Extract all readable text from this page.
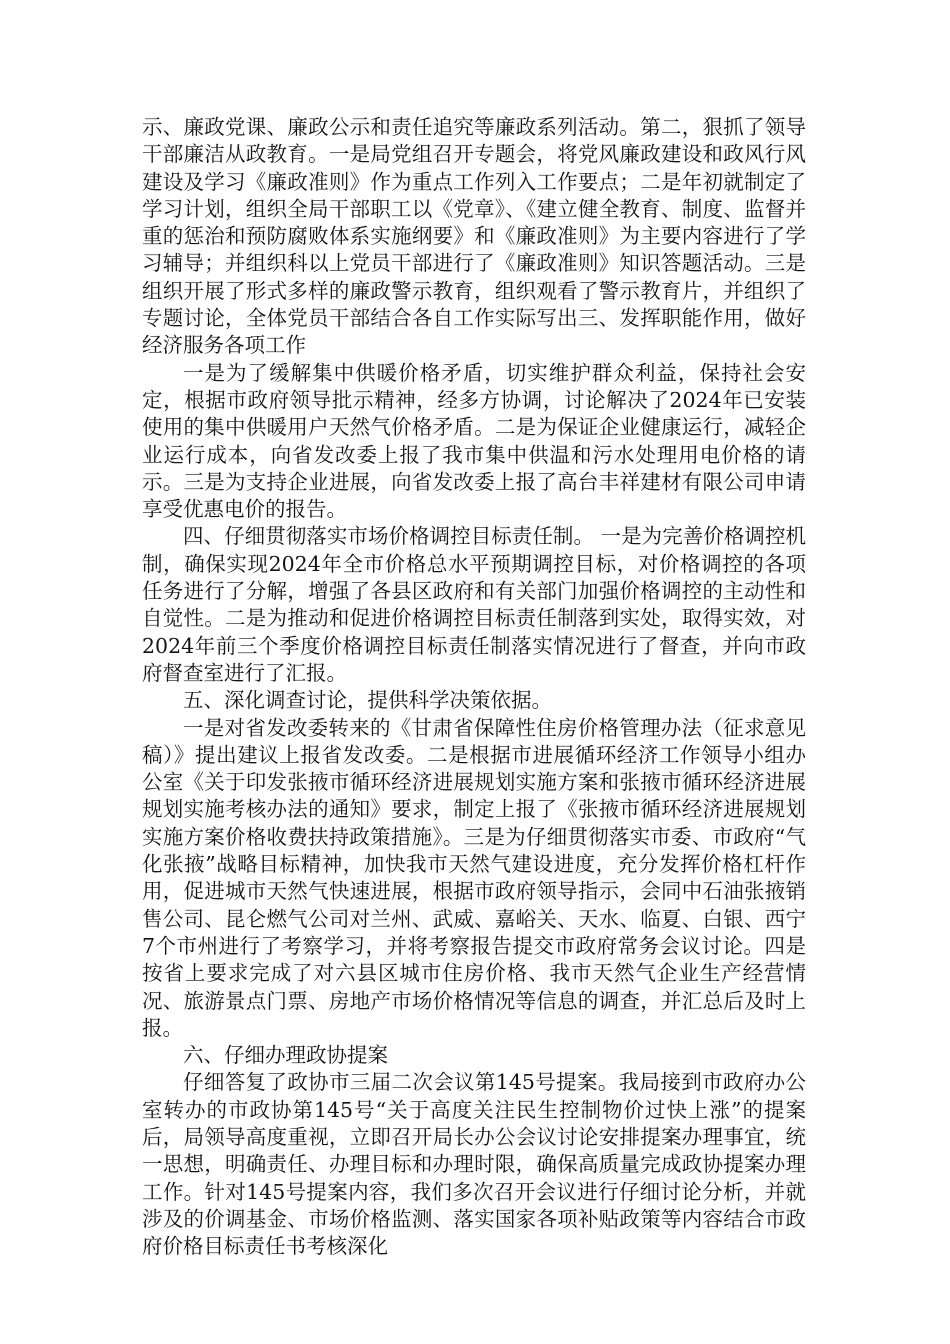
示、廉政党课、廉政公示和责任追究等廉政系列活动。第二，狠抓了领导干部廉洁从政教育。一是局党组召开专题会，将党风廉政建设和政风行风建设及学习《廉政准则》作为重点工作列入工作要点；二是年初就制定了学习计划，组织全局干部职工以《党章》、《建立健全教育、制度、监督并重的惩治和预防腐败体系实施纲要》和《廉政准则》为主要内容进行了学习辅导；并组织科以上党员干部进行了《廉政准则》知识答题活动。三是组织开展了形式多样的廉政警示教育，组织观看了警示教育片，并组织了专题讨论，全体党员干部结合各自工作实际写出三、发挥职能作用，做好经济服务各项工作

一是为了缓解集中供暖价格矛盾，切实维护群众利益，保持社会安定，根据市政府领导批示精神，经多方协调，讨论解决了2024年已安装使用的集中供暖用户天然气价格矛盾。二是为保证企业健康运行，减轻企业运行成本，向省发改委上报了我市集中供温和污水处理用电价格的请示。三是为支持企业进展，向省发改委上报了高台丰祥建材有限公司申请享受优惠电价的报告。

四、仔细贯彻落实市场价格调控目标责任制。 一是为完善价格调控机制，确保实现2024年全市价格总水平预期调控目标，对价格调控的各项任务进行了分解，增强了各县区政府和有关部门加强价格调控的主动性和自觉性。二是为推动和促进价格调控目标责任制落到实处，取得实效，对2024年前三个季度价格调控目标责任制落实情况进行了督查，并向市政府督查室进行了汇报。

五、深化调查讨论，提供科学决策依据。

一是对省发改委转来的《甘肃省保障性住房价格管理办法（征求意见稿）》提出建议上报省发改委。二是根据市进展循环经济工作领导小组办公室《关于印发张掖市循环经济进展规划实施方案和张掖市循环经济进展规划实施考核办法的通知》要求，制定上报了《张掖市循环经济进展规划实施方案价格收费扶持政策措施》。三是为仔细贯彻落实市委、市政府“气化张掖”战略目标精神，加快我市天然气建设进度，充分发挥价格杠杆作用，促进城市天然气快速进展，根据市政府领导指示，会同中石油张掖销售公司、昆仑燃气公司对兰州、武威、嘉峪关、天水、临夏、白银、西宁7个市州进行了考察学习，并将考察报告提交市政府常务会议讨论。四是按省上要求完成了对六县区城市住房价格、我市天然气企业生产经营情况、旅游景点门票、房地产市场价格情况等信息的调查，并汇总后及时上报。

六、仔细办理政协提案

仔细答复了政协市三届二次会议第145号提案。我局接到市政府办公室转办的市政协第145号“关于高度关注民生控制物价过快上涨”的提案后，局领导高度重视，立即召开局长办公会议讨论安排提案办理事宜，统一思想，明确责任、办理目标和办理时限，确保高质量完成政协提案办理工作。针对145号提案内容，我们多次召开会议进行仔细讨论分析，并就涉及的价调基金、市场价格监测、落实国家各项补贴政策等内容结合市政府价格目标责任书考核深化
